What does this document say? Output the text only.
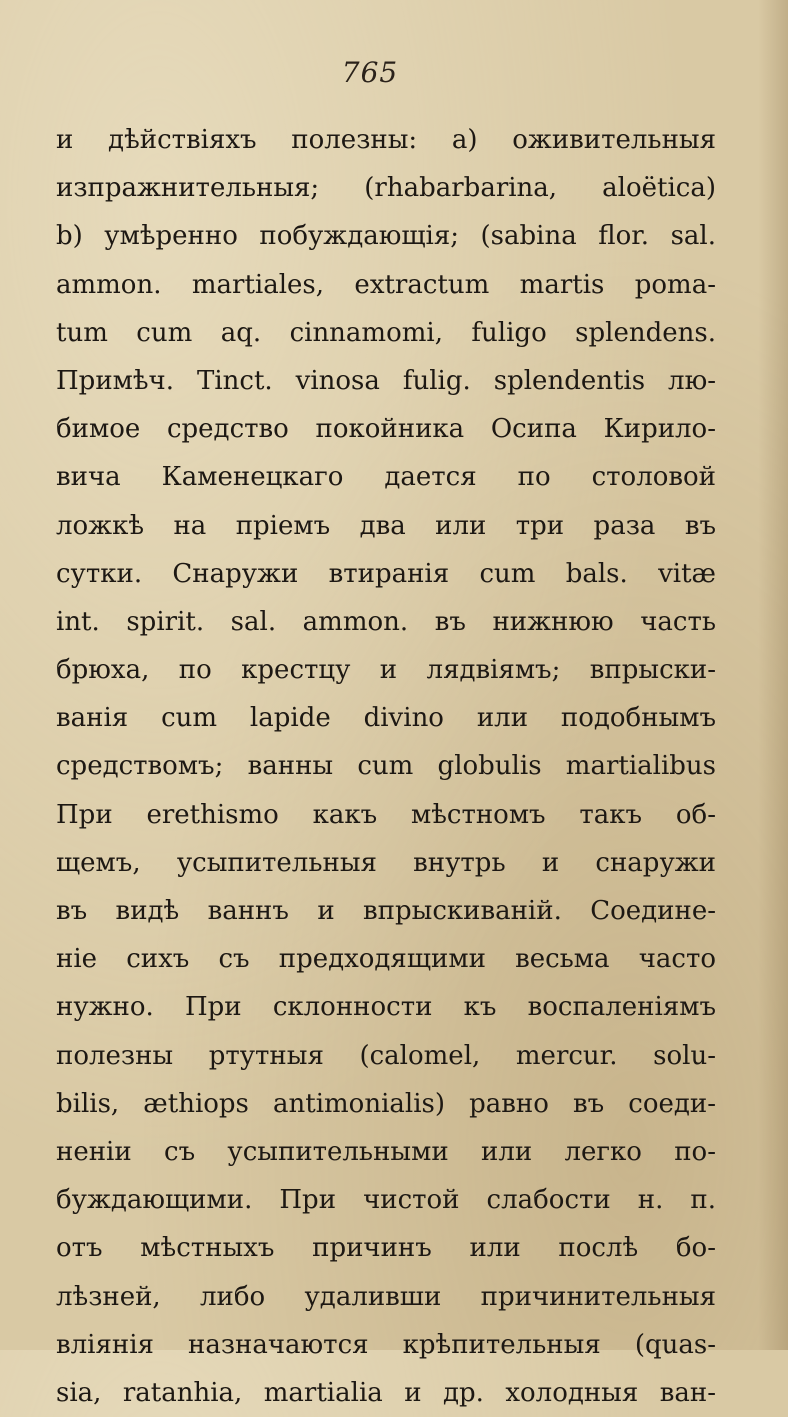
765
и дѣйствіяхъ полезны: а) оживительныя
изпражнительныя; (rhabarbarina, aloëtica)
b) умѣренно побуждающія; (sabina flor. sal.
ammon. martiales, extractum martis poma-
tum cum aq. cinnamomi, fuligo splendens.
Примѣч. Tinct. vinosa fulig. splendentis лю-
бимое средство покойника Осипа Кирило-
вича Каменецкаго дается по столовой
ложкѣ на пріемъ два или три раза въ
сутки. Снаружи втиранія cum bals. vitæ
int. spirit. sal. ammon. въ нижнюю часть
брюха, по крестцу и лядвіямъ; впрыски-
ванія cum lapide divino или подобнымъ
средствомъ; ванны cum globulis martialibus
При erethismo какъ мѣстномъ такъ об-
щемъ, усыпительныя внутрь и снаружи
въ видѣ ваннъ и впрыскиваній. Соедине-
ніе сихъ съ предходящими весьма часто
нужно. При склонности къ воспаленіямъ
полезны ртутныя (calomel, mercur. solu-
bilis, æthiops antimonialis) равно въ соеди-
неніи съ усыпительными или легко по-
буждающими. При чистой слабости н. п.
отъ мѣстныхъ причинъ или послѣ бо-
лѣзней, либо удаливши причинительныя
вліянія назначаются крѣпительныя (quas-
sia, ratanhia, martialia и др. холодныя ван-
